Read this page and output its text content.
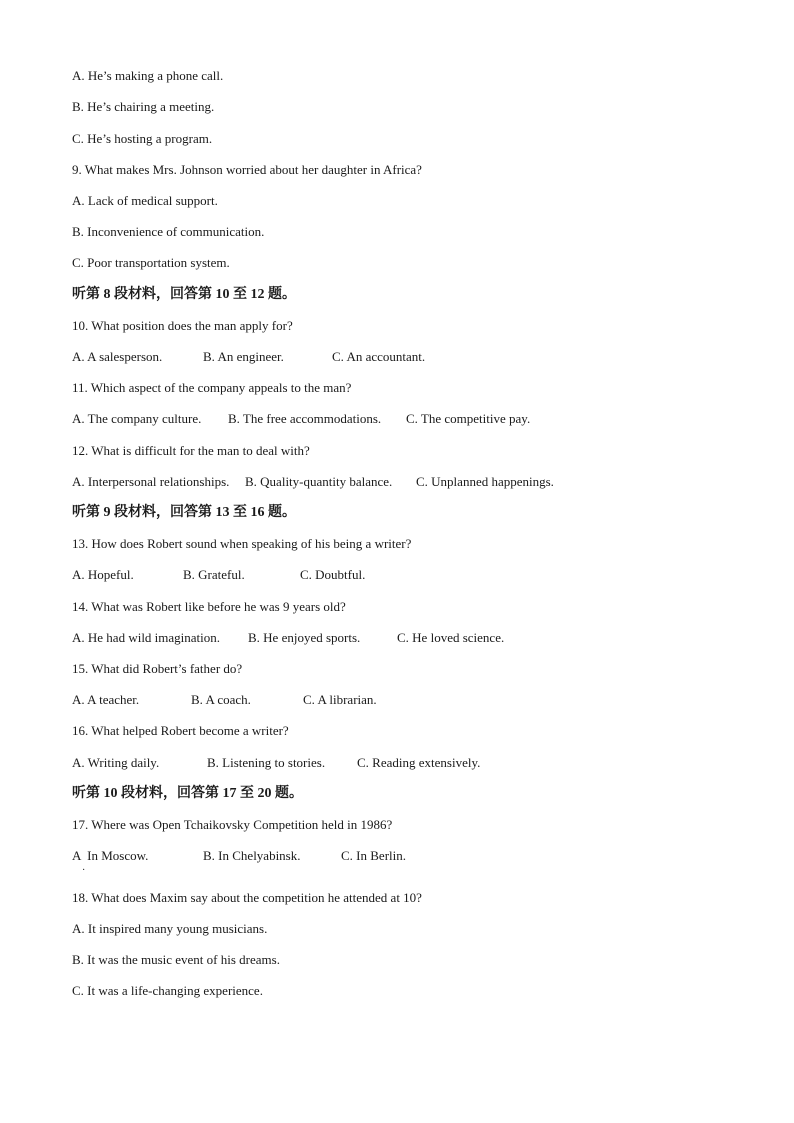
A. He’s making a phone call.
B. He’s chairing a meeting.
C. He’s hosting a program.
9. What makes Mrs. Johnson worried about her daughter in Africa?
A. Lack of medical support.
B. Inconvenience of communication.
C. Poor transportation system.
听第 8 段材料，回答第 10 至 12 题。
10. What position does the man apply for?
A. A salesperson.	B. An engineer.	C. An accountant.
11. Which aspect of the company appeals to the man?
A. The company culture. B. The free accommodations. C. The competitive pay.
12. What is difficult for the man to deal with?
A. Interpersonal relationships. B. Quality-quantity balance. C. Unplanned happenings.
听第 9 段材料，回答第 13 至 16 题。
13. How does Robert sound when speaking of his being a writer?
A. Hopeful.	B. Grateful.	C. Doubtful.
14. What was Robert like before he was 9 years old?
A. He had wild imagination. B. He enjoyed sports.	C. He loved science.
15. What did Robert’s father do?
A. A teacher.	B. A coach.	C. A librarian.
16. What helped Robert become a writer?
A. Writing daily.	B. Listening to stories. C. Reading extensively.
听第 10 段材料，回答第 17 至 20 题。
17. Where was Open Tchaikovsky Competition held in 1986?
A  In Moscow.	B. In Chelyabinsk.	C. In Berlin.
·
18. What does Maxim say about the competition he attended at 10?
A. It inspired many young musicians.
B. It was the music event of his dreams.
C. It was a life-changing experience.
